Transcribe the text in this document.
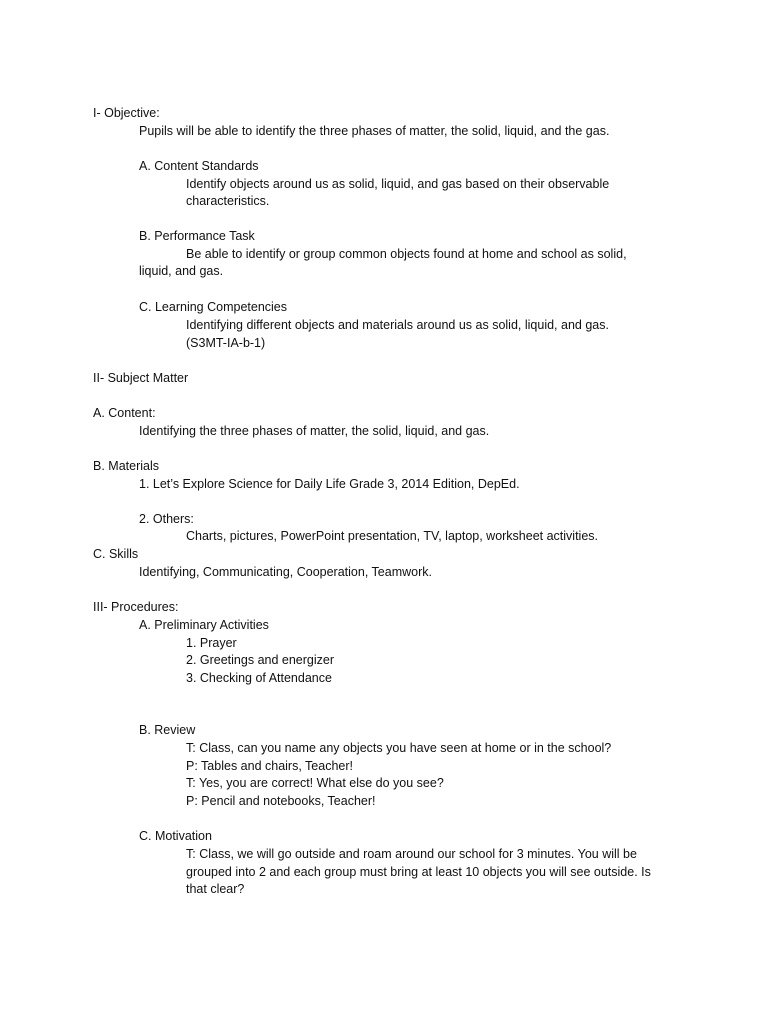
I- Objective:
Pupils will be able to identify the three phases of matter, the solid, liquid, and the gas.
A. Content Standards
Identify objects around us as solid, liquid, and gas based on their observable
characteristics.
B. Performance Task
Be able to identify or group common objects found at home and school as solid,
liquid, and gas.
C. Learning Competencies
Identifying different objects and materials around us as solid, liquid, and gas.
(S3MT-IA-b-1)
II- Subject Matter
A. Content:
Identifying the three phases of matter, the solid, liquid, and gas.
B. Materials
1. Let’s Explore Science for Daily Life Grade 3, 2014 Edition, DepEd.
2. Others:
Charts, pictures, PowerPoint presentation, TV, laptop, worksheet activities.
C. Skills
Identifying, Communicating, Cooperation, Teamwork.
III- Procedures:
A. Preliminary Activities
1. Prayer
2. Greetings and energizer
3. Checking of Attendance
B. Review
T: Class, can you name any objects you have seen at home or in the school?
P: Tables and chairs, Teacher!
T: Yes, you are correct! What else do you see?
P: Pencil and notebooks, Teacher!
C. Motivation
T: Class, we will go outside and roam around our school for 3 minutes. You will be
grouped into 2 and each group must bring at least 10 objects you will see outside. Is
that clear?
